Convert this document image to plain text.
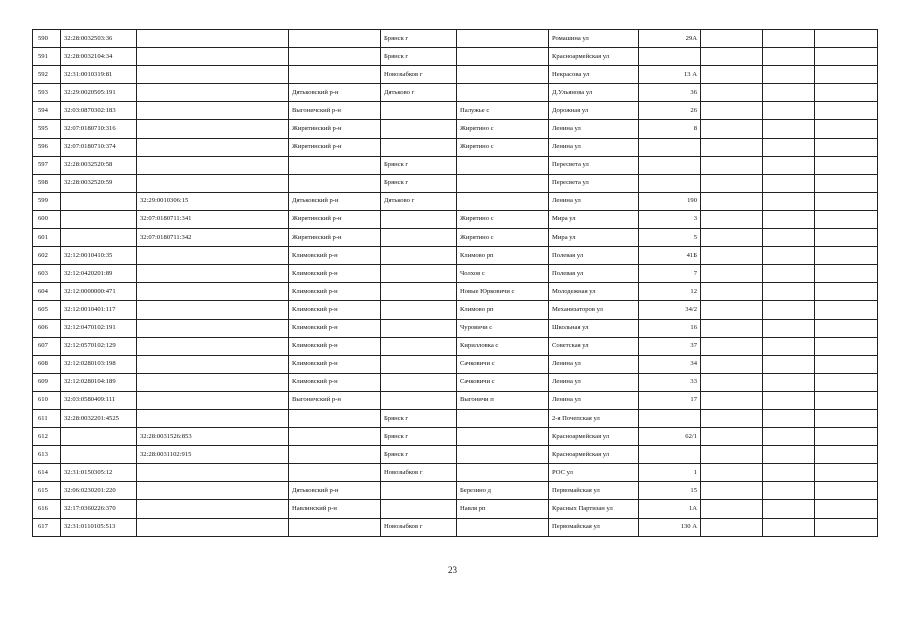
590	32:28:0032503:36			Брянск г		Ромашина ул	29А			
591	32:28:0032104:34			Брянск г		Красноармейская ул				
592	32:31:0010319:81			Новозыбков г		Некрасова ул	13 А			
593	32:29:0020505:191		Дятьковский р-н	Дятьково г		Д.Ульянова ул	36			
594	32:03:0870302:183		Выгоничский р-н		Палужье с	Дорожная ул	26			
595	32:07:0180710:316		Жирятинский р-н		Жирятино с	Ленина ул	8			
596	32:07:0180710:374		Жирятинский р-н		Жирятино с	Ленина ул				
597	32:28:0032520:58			Брянск г		Пересвета ул				
598	32:28:0032520:59			Брянск г		Пересвета ул				
599		32:29:0010306:15	Дятьковский р-н	Дятьково г		Ленина ул	190			
600		32:07:0180711:341	Жирятинский р-н		Жирятино с	Мира ул	3			
601		32:07:0180711:342	Жирятинский р-н		Жирятино с	Мира ул	5			
602	32:12:0010410:35		Климовский р-н		Климово рп	Полевая ул	41Б			
603	32:12:0420201:89		Климовский р-н		Чолхов с	Полевая ул	7			
604	32:12:0000000:471		Климовский р-н		Новые Юрковичи с	Молодежная ул	12			
605	32:12:0010401:117		Климовский р-н		Климово рп	Механизаторов ул	34/2			
606	32:12:0470102:191		Климовский р-н		Чуровичи с	Школьная ул	16			
607	32:12:0570102:129		Климовский р-н		Кирилловка с	Советская ул	37			
608	32:12:0280103:198		Климовский р-н		Сачковичи с	Ленина ул	34			
609	32:12:0280104:189		Климовский р-н		Сачковичи с	Ленина ул	33			
610	32:03:0580409:111		Выгоничский р-н		Выгоничи п	Ленина ул	17			
611	32:28:0032201:4525			Брянск г		2-я Почепская ул				
612		32:28:0031526:853		Брянск г		Красноармейская ул	62/1			
613		32:28:0031102:915		Брянск г		Красноармейская ул				
614	32:31:0150305:12			Новозыбков г		РОС ул	1			
615	32:06:0230201:220		Дятьковский р-н		Березино д	Первомайская ул	15			
616	32:17:0360226:370		Навлинский р-н		Навля рп	Красных Партизан ул	1А			
617	32:31:0110105:513			Новозыбков г		Первомайская ул	130 А			
23
